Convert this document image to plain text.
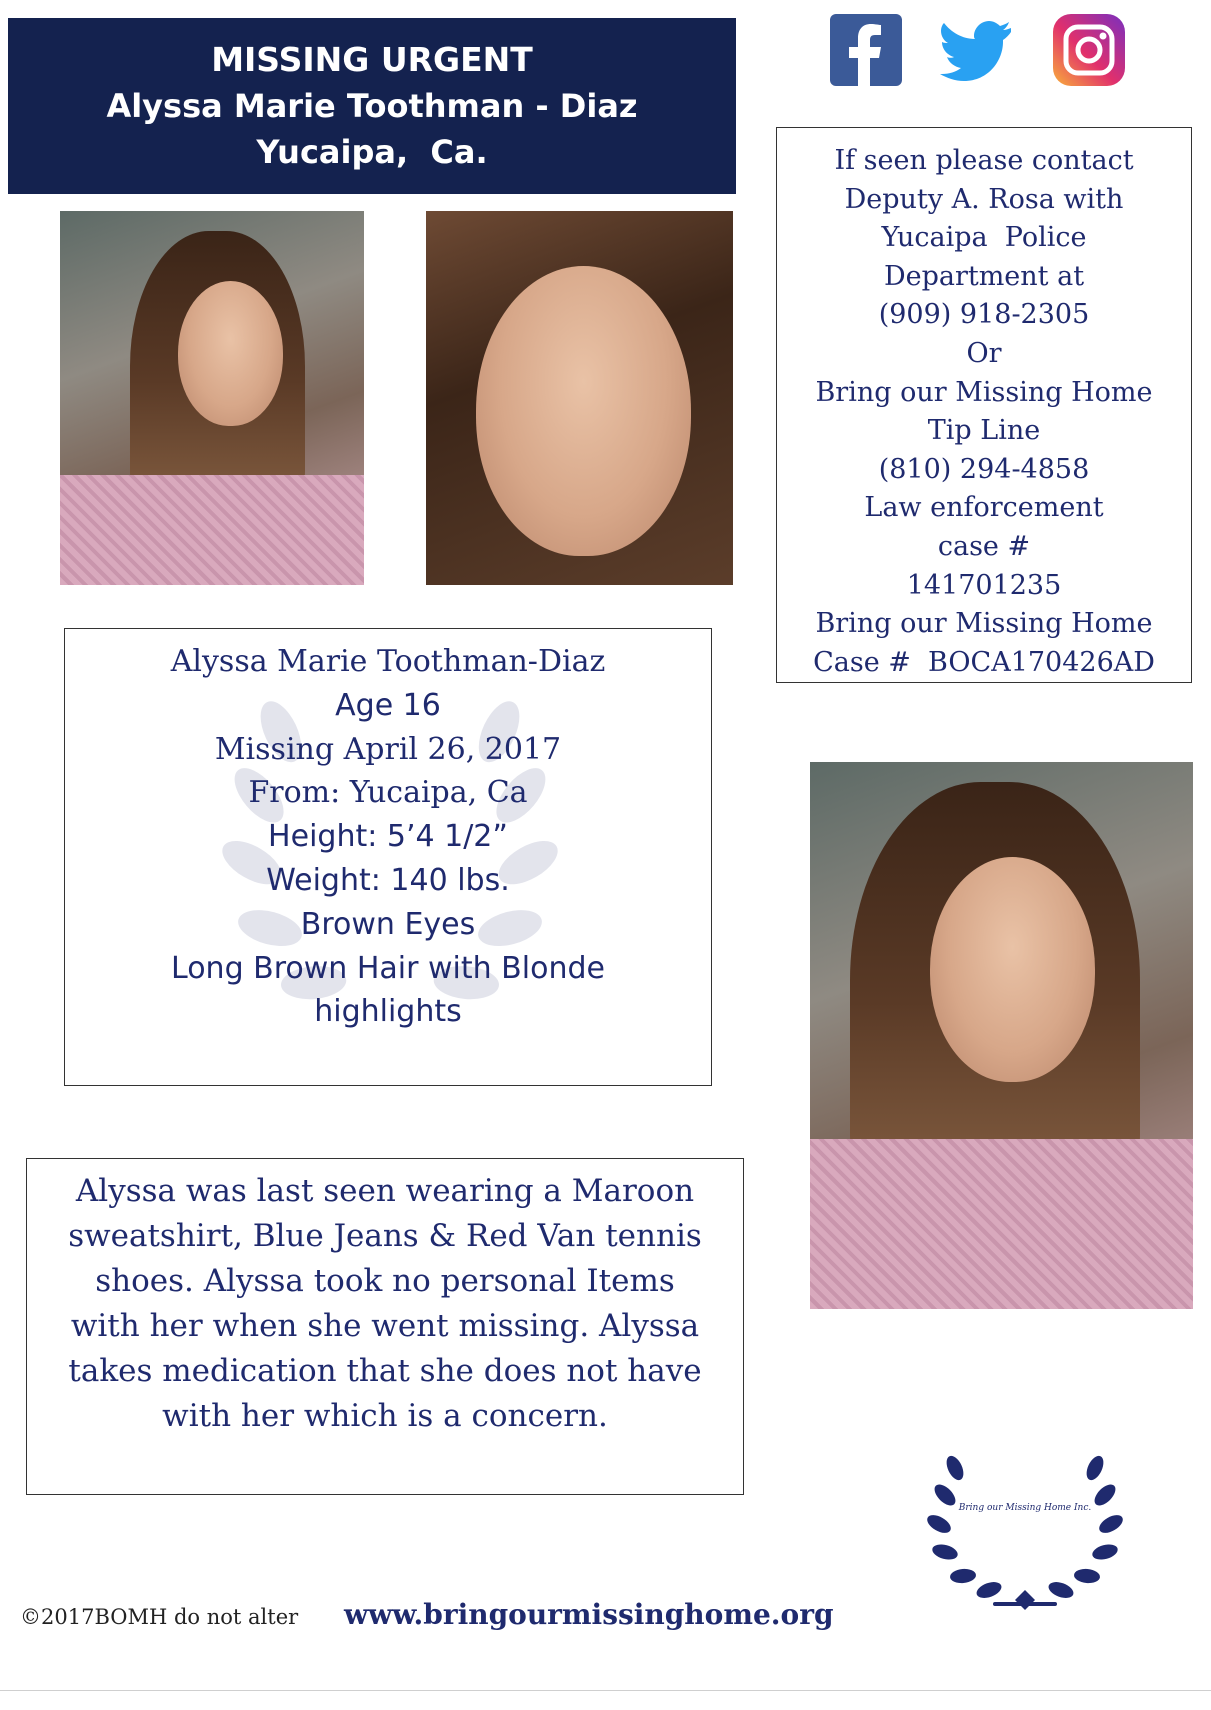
MISSING URGENT
Alyssa Marie Toothman - Diaz
Yucaipa,  Ca.	If seen please contact
Deputy A. Rosa with
Yucaipa  Police
Department at
(909) 918-2305
Or
Bring our Missing Home
Tip Line
(810) 294-4858
Law enforcement
case #
141701235
Bring our Missing Home
Case #  BOCA170426AD
Alyssa Marie Toothman-Diaz
Age 16
Missing April 26, 2017
From: Yucaipa, Ca
Height: 5’4 1/2”
Weight: 140 lbs.
Brown Eyes
Long Brown Hair with Blonde
highlights
Alyssa was last seen wearing a Maroon
sweatshirt, Blue Jeans & Red Van tennis
shoes. Alyssa took no personal Items
with her when she went missing. Alyssa
takes medication that she does not have
with her which is a concern.
Bring our Missing Home Inc.
©2017BOMH do not alter www.bringourmissinghome.org
